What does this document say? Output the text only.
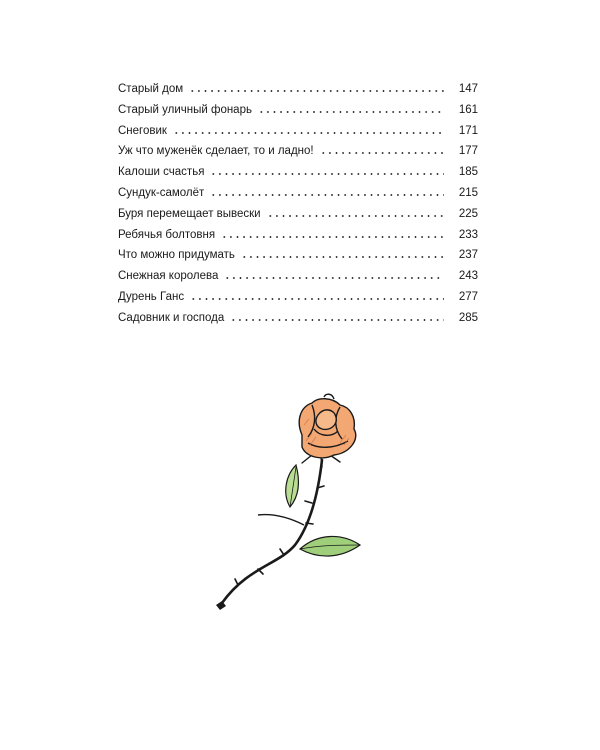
Старый дом	147
Старый уличный фонарь	161
Снеговик	171
Уж что муженёк сделает, то и ладно!	177
Калоши счастья	185
Сундук-самолёт	215
Буря перемещает вывески	225
Ребячья болтовня	233
Что можно придумать	237
Снежная королева	243
Дурень Ганс	277
Садовник и господа	285
